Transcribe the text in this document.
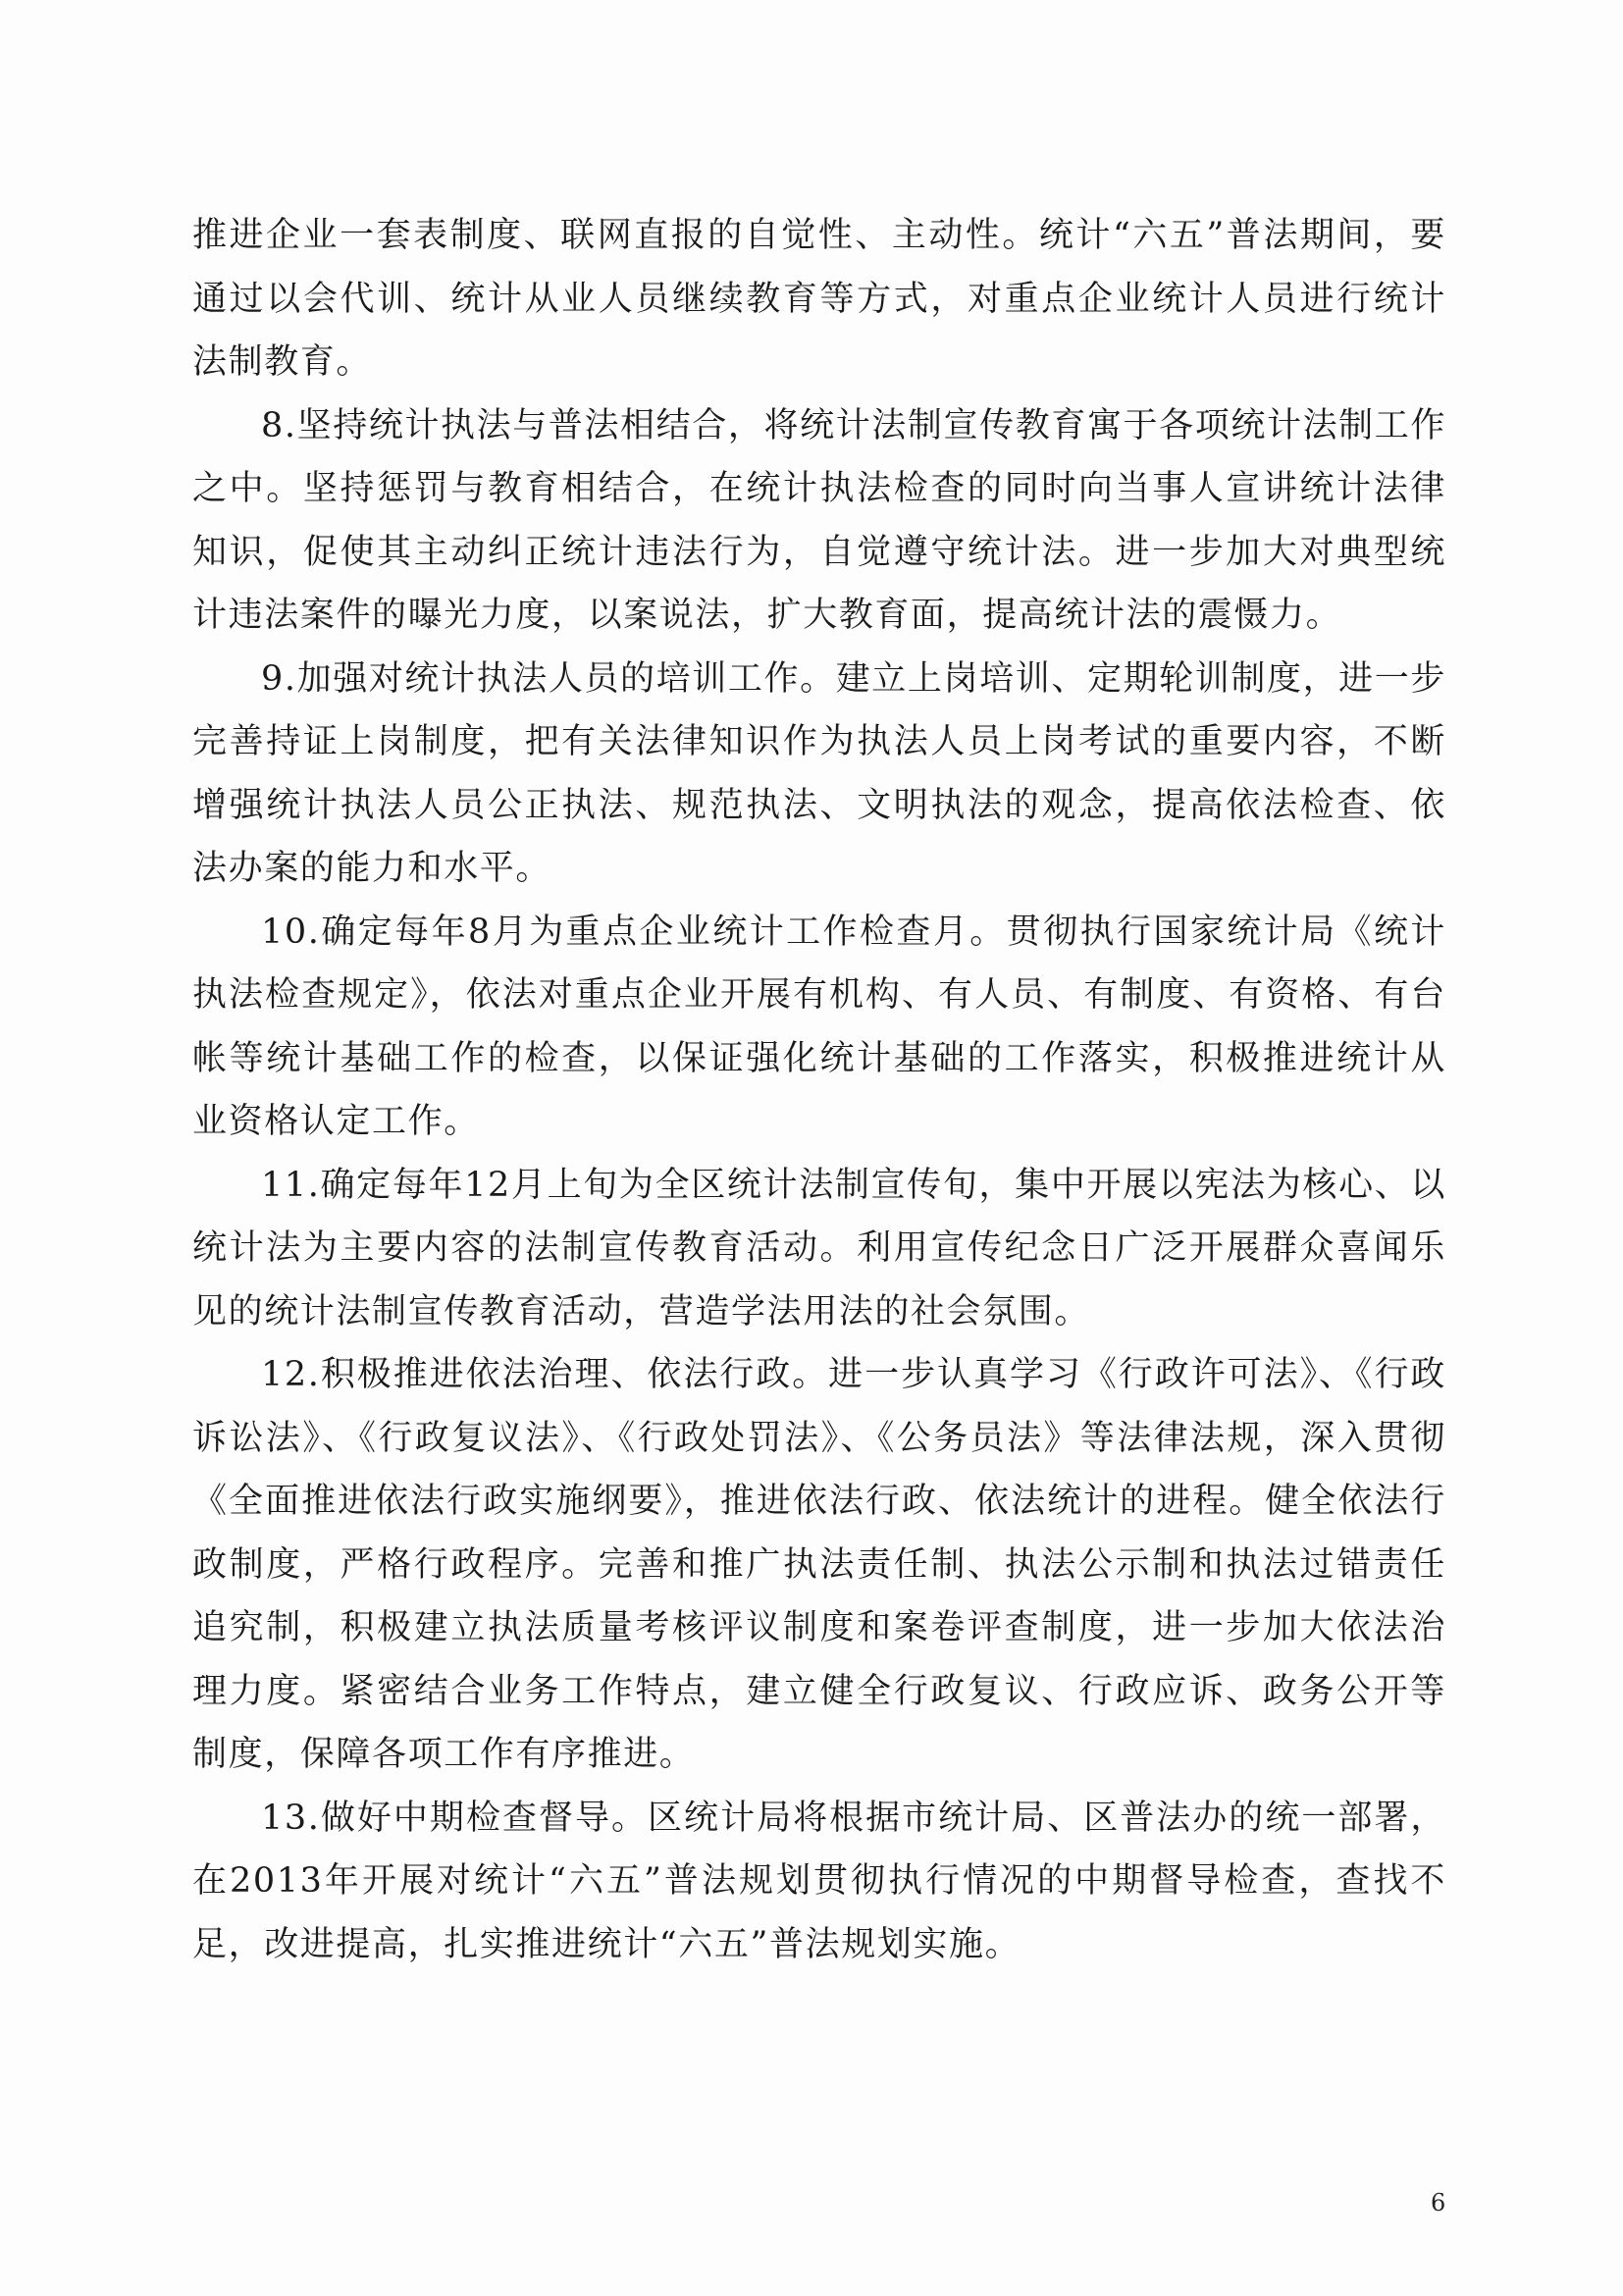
推进企业一套表制度、联网直报的自觉性、主动性。统计“六五”普法期间，要通过以会代训、统计从业人员继续教育等方式，对重点企业统计人员进行统计法制教育。

8.坚持统计执法与普法相结合，将统计法制宣传教育寓于各项统计法制工作之中。坚持惩罚与教育相结合，在统计执法检查的同时向当事人宣讲统计法律知识，促使其主动纠正统计违法行为，自觉遵守统计法。进一步加大对典型统计违法案件的曝光力度，以案说法，扩大教育面，提高统计法的震慑力。

9.加强对统计执法人员的培训工作。建立上岗培训、定期轮训制度，进一步完善持证上岗制度，把有关法律知识作为执法人员上岗考试的重要内容，不断增强统计执法人员公正执法、规范执法、文明执法的观念，提高依法检查、依法办案的能力和水平。

10.确定每年8月为重点企业统计工作检查月。贯彻执行国家统计局《统计执法检查规定》，依法对重点企业开展有机构、有人员、有制度、有资格、有台帐等统计基础工作的检查，以保证强化统计基础的工作落实，积极推进统计从业资格认定工作。

11.确定每年12月上旬为全区统计法制宣传旬，集中开展以宪法为核心、以统计法为主要内容的法制宣传教育活动。利用宣传纪念日广泛开展群众喜闻乐见的统计法制宣传教育活动，营造学法用法的社会氛围。

12.积极推进依法治理、依法行政。进一步认真学习《行政许可法》、《行政诉讼法》、《行政复议法》、《行政处罚法》、《公务员法》等法律法规，深入贯彻《全面推进依法行政实施纲要》，推进依法行政、依法统计的进程。健全依法行政制度，严格行政程序。完善和推广执法责任制、执法公示制和执法过错责任追究制，积极建立执法质量考核评议制度和案卷评查制度，进一步加大依法治理力度。紧密结合业务工作特点，建立健全行政复议、行政应诉、政务公开等制度，保障各项工作有序推进。

13.做好中期检查督导。区统计局将根据市统计局、区普法办的统一部署，在2013年开展对统计“六五”普法规划贯彻执行情况的中期督导检查，查找不足，改进提高，扎实推进统计“六五”普法规划实施。

6
